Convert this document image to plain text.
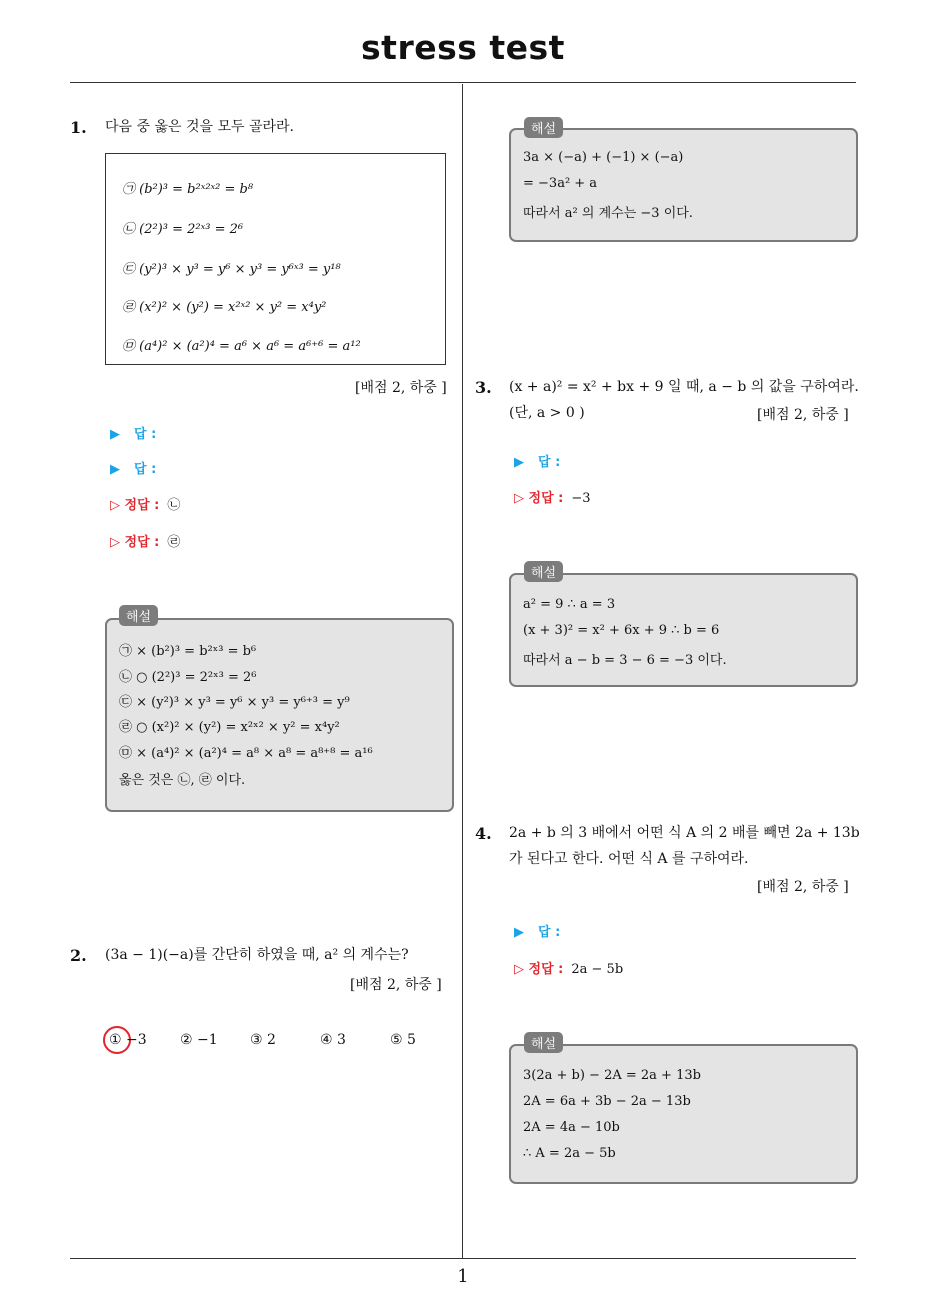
stress test
1
1. 다음 중 옳은 것을 모두 골라라.
㉠ (b²)³ = b²ˣ²ˣ² = b⁸
㉡ (2²)³ = 2²ˣ³ = 2⁶
㉢ (y²)³ × y³ = y⁶ × y³ = y⁶ˣ³ = y¹⁸
㉣ (x²)² × (y²) = x²ˣ² × y² = x⁴y²
㉤ (a⁴)² × (a²)⁴ = a⁶ × a⁶ = a⁶⁺⁶ = a¹²
[배점 2, 하중 ]
▶ 답 :
▶ 답 :
▷ 정답 : ㉡
▷ 정답 : ㉣
㉠ × (b²)³ = b²ˣ³ = b⁶
㉡ ○ (2²)³ = 2²ˣ³ = 2⁶
㉢ × (y²)³ × y³ = y⁶ × y³ = y⁶⁺³ = y⁹
㉣ ○ (x²)² × (y²) = x²ˣ² × y² = x⁴y²
㉤ × (a⁴)² × (a²)⁴ = a⁸ × a⁸ = a⁸⁺⁸ = a¹⁶
옳은 것은 ㉡, ㉣ 이다.
해설
2. (3a − 1)(−a)를 간단히 하였을 때, a² 의 계수는?
[배점 2, 하중 ]
① −3 ② −1 ③ 2	④ 3	⑤ 5
3a × (−a) + (−1) × (−a)
= −3a² + a
따라서 a² 의 계수는 −3 이다.
해설
3. (x + a)² = x² + bx + 9 일 때, a − b 의 값을 구하여라.
(단, a > 0 )	[배점 2, 하중 ]
▶ 답 :
▷ 정답 : −3
a² = 9 ∴ a = 3
(x + 3)² = x² + 6x + 9 ∴ b = 6
따라서 a − b = 3 − 6 = −3 이다.
해설
4. 2a + b 의 3 배에서 어떤 식 A 의 2 배를 빼면 2a + 13b
가 된다고 한다. 어떤 식 A 를 구하여라.
[배점 2, 하중 ]
▶ 답 :
▷ 정답 : 2a − 5b
3(2a + b) − 2A = 2a + 13b
2A = 6a + 3b − 2a − 13b
2A = 4a − 10b
∴ A = 2a − 5b
해설
